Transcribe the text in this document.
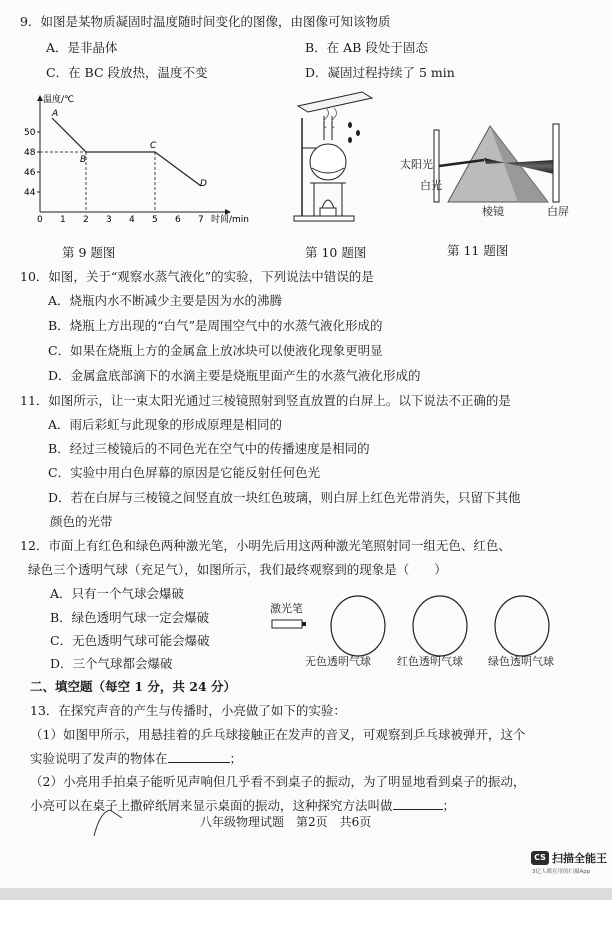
9．如图是某物质凝固时温度随时间变化的图像，由图像可知该物质
A．是非晶体	B．在 AB 段处于固态
C．在 BC 段放热，温度不变	D．凝固过程持续了 5 min
温度/℃
时间/min
50
48
46
44
0 1 2 3 4 5 6 7
A
B
C
D
第 9 题图	第 10 题图
太阳光
白光
棱镜	白屏
第 11 题图
10．如图，关于“观察水蒸气液化”的实验，下列说法中错误的是
A．烧瓶内水不断减少主要是因为水的沸腾
B．烧瓶上方出现的“白气”是周围空气中的水蒸气液化形成的
C．如果在烧瓶上方的金属盒上放冰块可以使液化现象更明显
D．金属盒底部滴下的水滴主要是烧瓶里面产生的水蒸气液化形成的
11．如图所示，让一束太阳光通过三棱镜照射到竖直放置的白屏上。以下说法不正确的是
A．雨后彩虹与此现象的形成原理是相同的
B．经过三棱镜后的不同色光在空气中的传播速度是相同的
C．实验中用白色屏幕的原因是它能反射任何色光
D．若在白屏与三棱镜之间竖直放一块红色玻璃，则白屏上红色光带消失，只留下其他
颜色的光带
12．市面上有红色和绿色两种激光笔，小明先后用这两种激光笔照射同一组无色、红色、
绿色三个透明气球（充足气），如图所示，我们最终观察到的现象是（　　）
A．只有一个气球会爆破
B．绿色透明气球一定会爆破
C．无色透明气球可能会爆破
D．三个气球都会爆破
激光笔
无色透明气球 红色透明气球 绿色透明气球
二、填空题（每空 1 分，共 24 分）
13．在探究声音的产生与传播时，小亮做了如下的实验：
（1）如图甲所示，用悬挂着的乒乓球接触正在发声的音叉，可观察到乒乓球被弹开，这个
实验说明了发声的物体在	；
（2）小亮用手拍桌子能听见声响但几乎看不到桌子的振动，为了明显地看到桌子的振动，
小亮可以在桌子上撒碎纸屑来显示桌面的振动，这种探究方法叫做	；
八年级物理试题　第2页　共6页
CS 扫描全能王
3亿人都在用的扫描App
